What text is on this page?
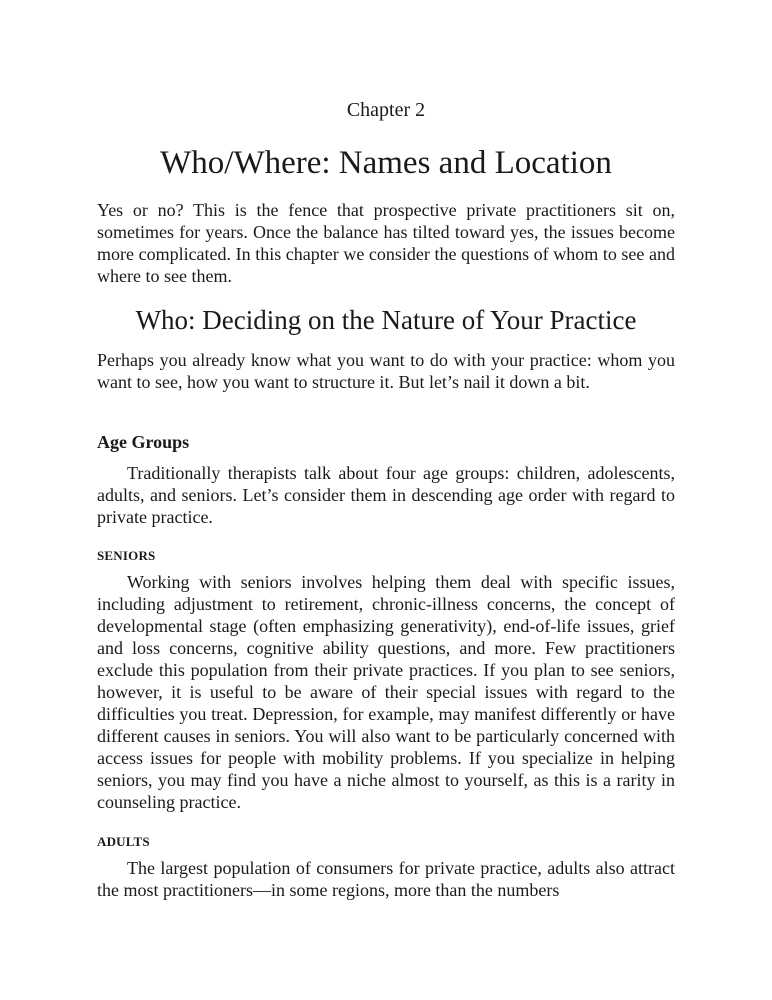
Chapter 2
Who/Where: Names and Location

Yes or no? This is the fence that prospective private practitioners sit on, sometimes for years. Once the balance has tilted toward yes, the issues become more complicated. In this chapter we consider the questions of whom to see and where to see them.

Who: Deciding on the Nature of Your Practice

Perhaps you already know what you want to do with your practice: whom you want to see, how you want to structure it. But let’s nail it down a bit.

Age Groups

Traditionally therapists talk about four age groups: children, adolescents, adults, and seniors. Let’s consider them in descending age order with regard to private practice.

SENIORS

Working with seniors involves helping them deal with specific issues, including adjustment to retirement, chronic-illness concerns, the concept of developmental stage (often emphasizing generativity), end-of-life issues, grief and loss concerns, cognitive ability questions, and more. Few practitioners exclude this population from their private practices. If you plan to see seniors, however, it is useful to be aware of their special issues with regard to the difficulties you treat. Depression, for example, may manifest differently or have different causes in seniors. You will also want to be particularly concerned with access issues for people with mobility problems. If you specialize in helping seniors, you may find you have a niche almost to yourself, as this is a rarity in counseling practice.

ADULTS

The largest population of consumers for private practice, adults also attract the most practitioners—in some regions, more than the numbers
